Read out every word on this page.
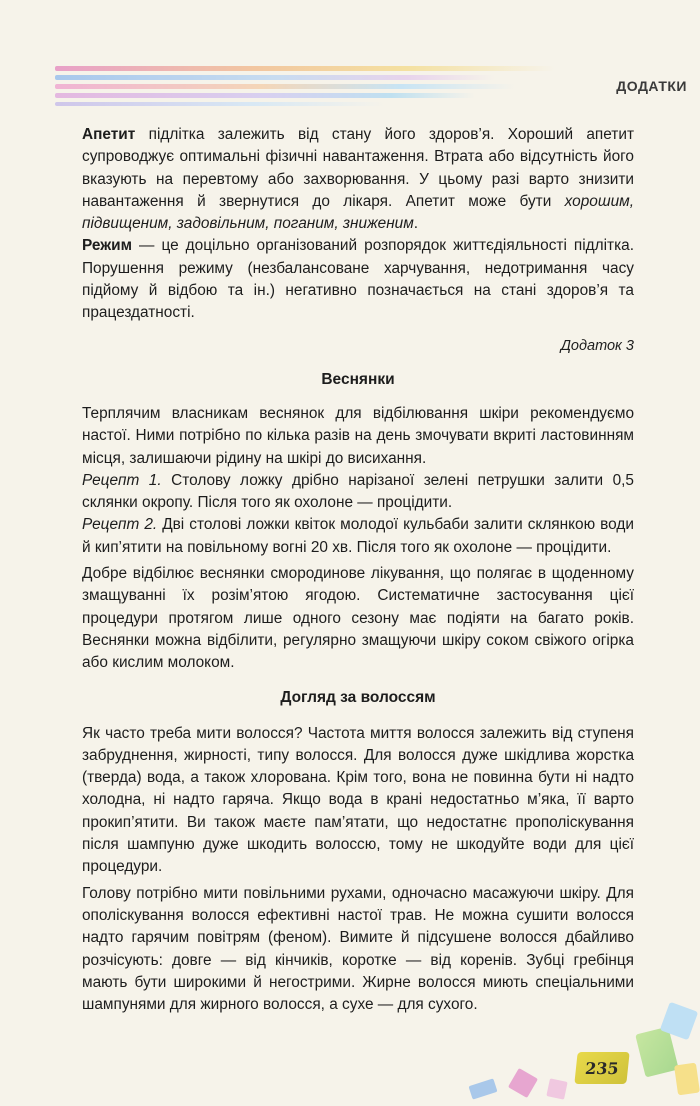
ДОДАТКИ

Апетит підлітка залежить від стану його здоров’я. Хороший апетит супроводжує оптимальні фізичні навантаження. Втрата або відсутність його вказують на перевтому або захворювання. У цьому разі варто знизити навантаження й звернутися до лікаря. Апетит може бути хорошим, підвищеним, задовільним, поганим, зниженим.

Режим — це доцільно організований розпорядок життєдіяльності підлітка. Порушення режиму (незбалансоване харчування, недотримання часу підйому й відбою та ін.) негативно позначається на стані здоров’я та працездатності.

Додаток 3

Веснянки

Терплячим власникам веснянок для відбілювання шкіри рекомендуємо настої. Ними потрібно по кілька разів на день змочувати вкриті ластовинням місця, залишаючи рідину на шкірі до висихання.

Рецепт 1. Столову ложку дрібно нарізаної зелені петрушки залити 0,5 склянки окропу. Після того як охолоне — процідити.

Рецепт 2. Дві столові ложки квіток молодої кульбаби залити склянкою води й кип’ятити на повільному вогні 20 хв. Після того як охолоне — процідити.

Добре відбілює веснянки смородинове лікування, що полягає в щоденному змащуванні їх розім’ятою ягодою. Систематичне застосування цієї процедури протягом лише одного сезону має подіяти на багато років. Веснянки можна відбілити, регулярно змащуючи шкіру соком свіжого огірка або кислим молоком.

Догляд за волоссям

Як часто треба мити волосся? Частота миття волосся залежить від ступеня забруднення, жирності, типу волосся. Для волосся дуже шкідлива жорстка (тверда) вода, а також хлорована. Крім того, вона не повинна бути ні надто холодна, ні надто гаряча. Якщо вода в крані недостатньо м’яка, її варто прокип’ятити. Ви також маєте пам’ятати, що недостатнє прополіскування після шампуню дуже шкодить волоссю, тому не шкодуйте води для цієї процедури.

Голову потрібно мити повільними рухами, одночасно масажуючи шкіру. Для ополіскування волосся ефективні настої трав. Не можна сушити волосся надто гарячим повітрям (феном). Вимите й підсушене волосся дбайливо розчісують: довге — від кінчиків, коротке — від коренів. Зубці гребінця мають бути широкими й негострими. Жирне волосся миють спеціальними шампунями для жирного волосся, а сухе — для сухого.

235
